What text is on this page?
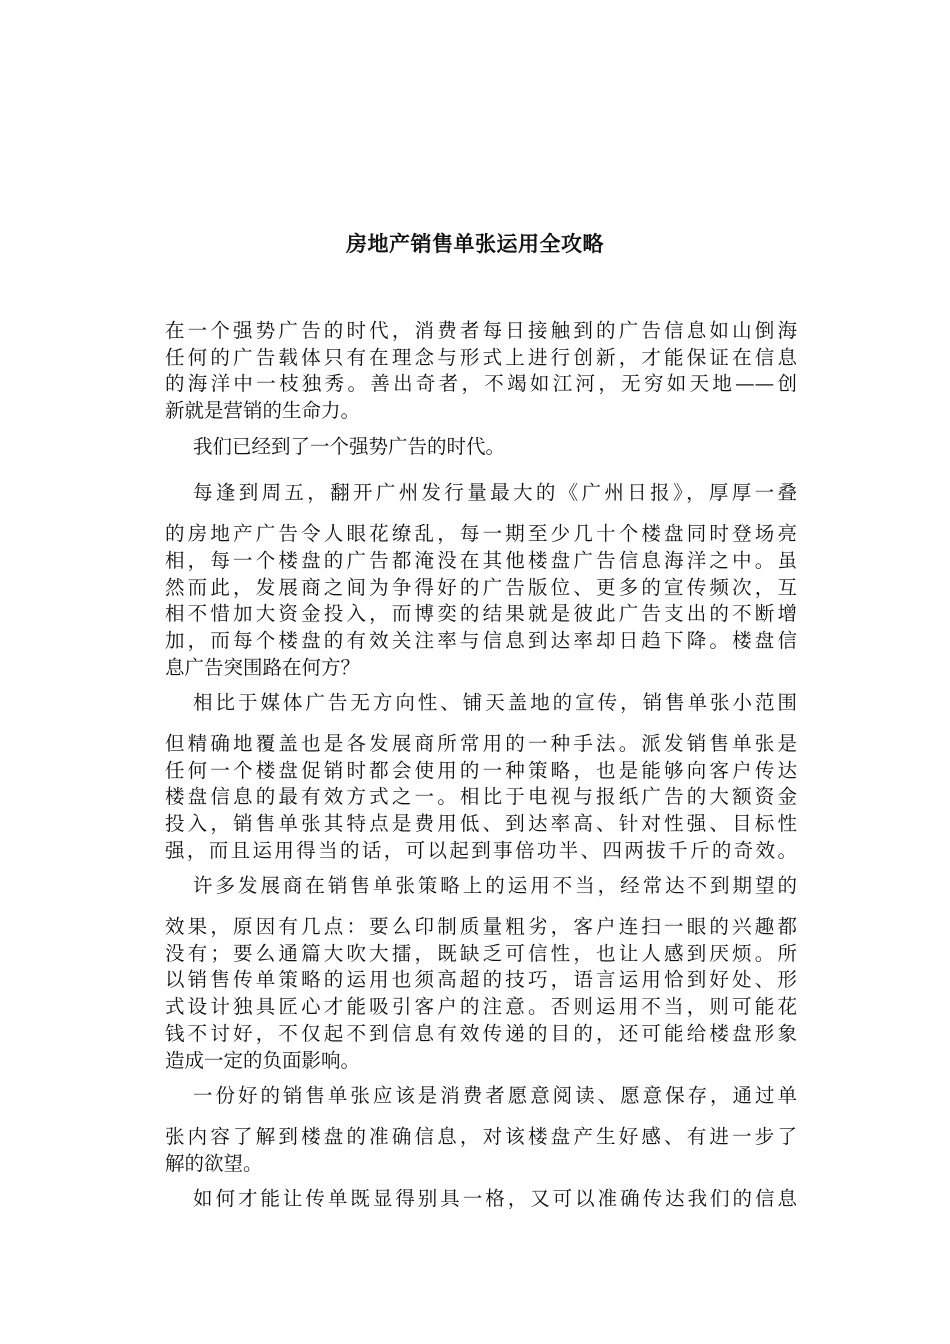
房地产销售单张运用全攻略
在一个强势广告的时代，消费者每日接触到的广告信息如山倒海
任何的广告载体只有在理念与形式上进行创新，才能保证在信息
的海洋中一枝独秀。善出奇者，不竭如江河，无穷如天地——创
新就是营销的生命力。
我们已经到了一个强势广告的时代。
每逢到周五，翻开广州发行量最大的《广州日报》，厚厚一叠
的房地产广告令人眼花缭乱，每一期至少几十个楼盘同时登场亮
相，每一个楼盘的广告都淹没在其他楼盘广告信息海洋之中。虽
然而此，发展商之间为争得好的广告版位、更多的宣传频次，互
相不惜加大资金投入，而博奕的结果就是彼此广告支出的不断增
加，而每个楼盘的有效关注率与信息到达率却日趋下降。楼盘信
息广告突围路在何方？
相比于媒体广告无方向性、铺天盖地的宣传，销售单张小范围
但精确地覆盖也是各发展商所常用的一种手法。派发销售单张是
任何一个楼盘促销时都会使用的一种策略，也是能够向客户传达
楼盘信息的最有效方式之一。相比于电视与报纸广告的大额资金
投入，销售单张其特点是费用低、到达率高、针对性强、目标性
强，而且运用得当的话，可以起到事倍功半、四两拔千斤的奇效。
许多发展商在销售单张策略上的运用不当，经常达不到期望的
效果，原因有几点：要么印制质量粗劣，客户连扫一眼的兴趣都
没有；要么通篇大吹大擂，既缺乏可信性，也让人感到厌烦。所
以销售传单策略的运用也须高超的技巧，语言运用恰到好处、形
式设计独具匠心才能吸引客户的注意。否则运用不当，则可能花
钱不讨好，不仅起不到信息有效传递的目的，还可能给楼盘形象
造成一定的负面影响。
一份好的销售单张应该是消费者愿意阅读、愿意保存，通过单
张内容了解到楼盘的准确信息，对该楼盘产生好感、有进一步了
解的欲望。
如何才能让传单既显得别具一格，又可以准确传达我们的信息
